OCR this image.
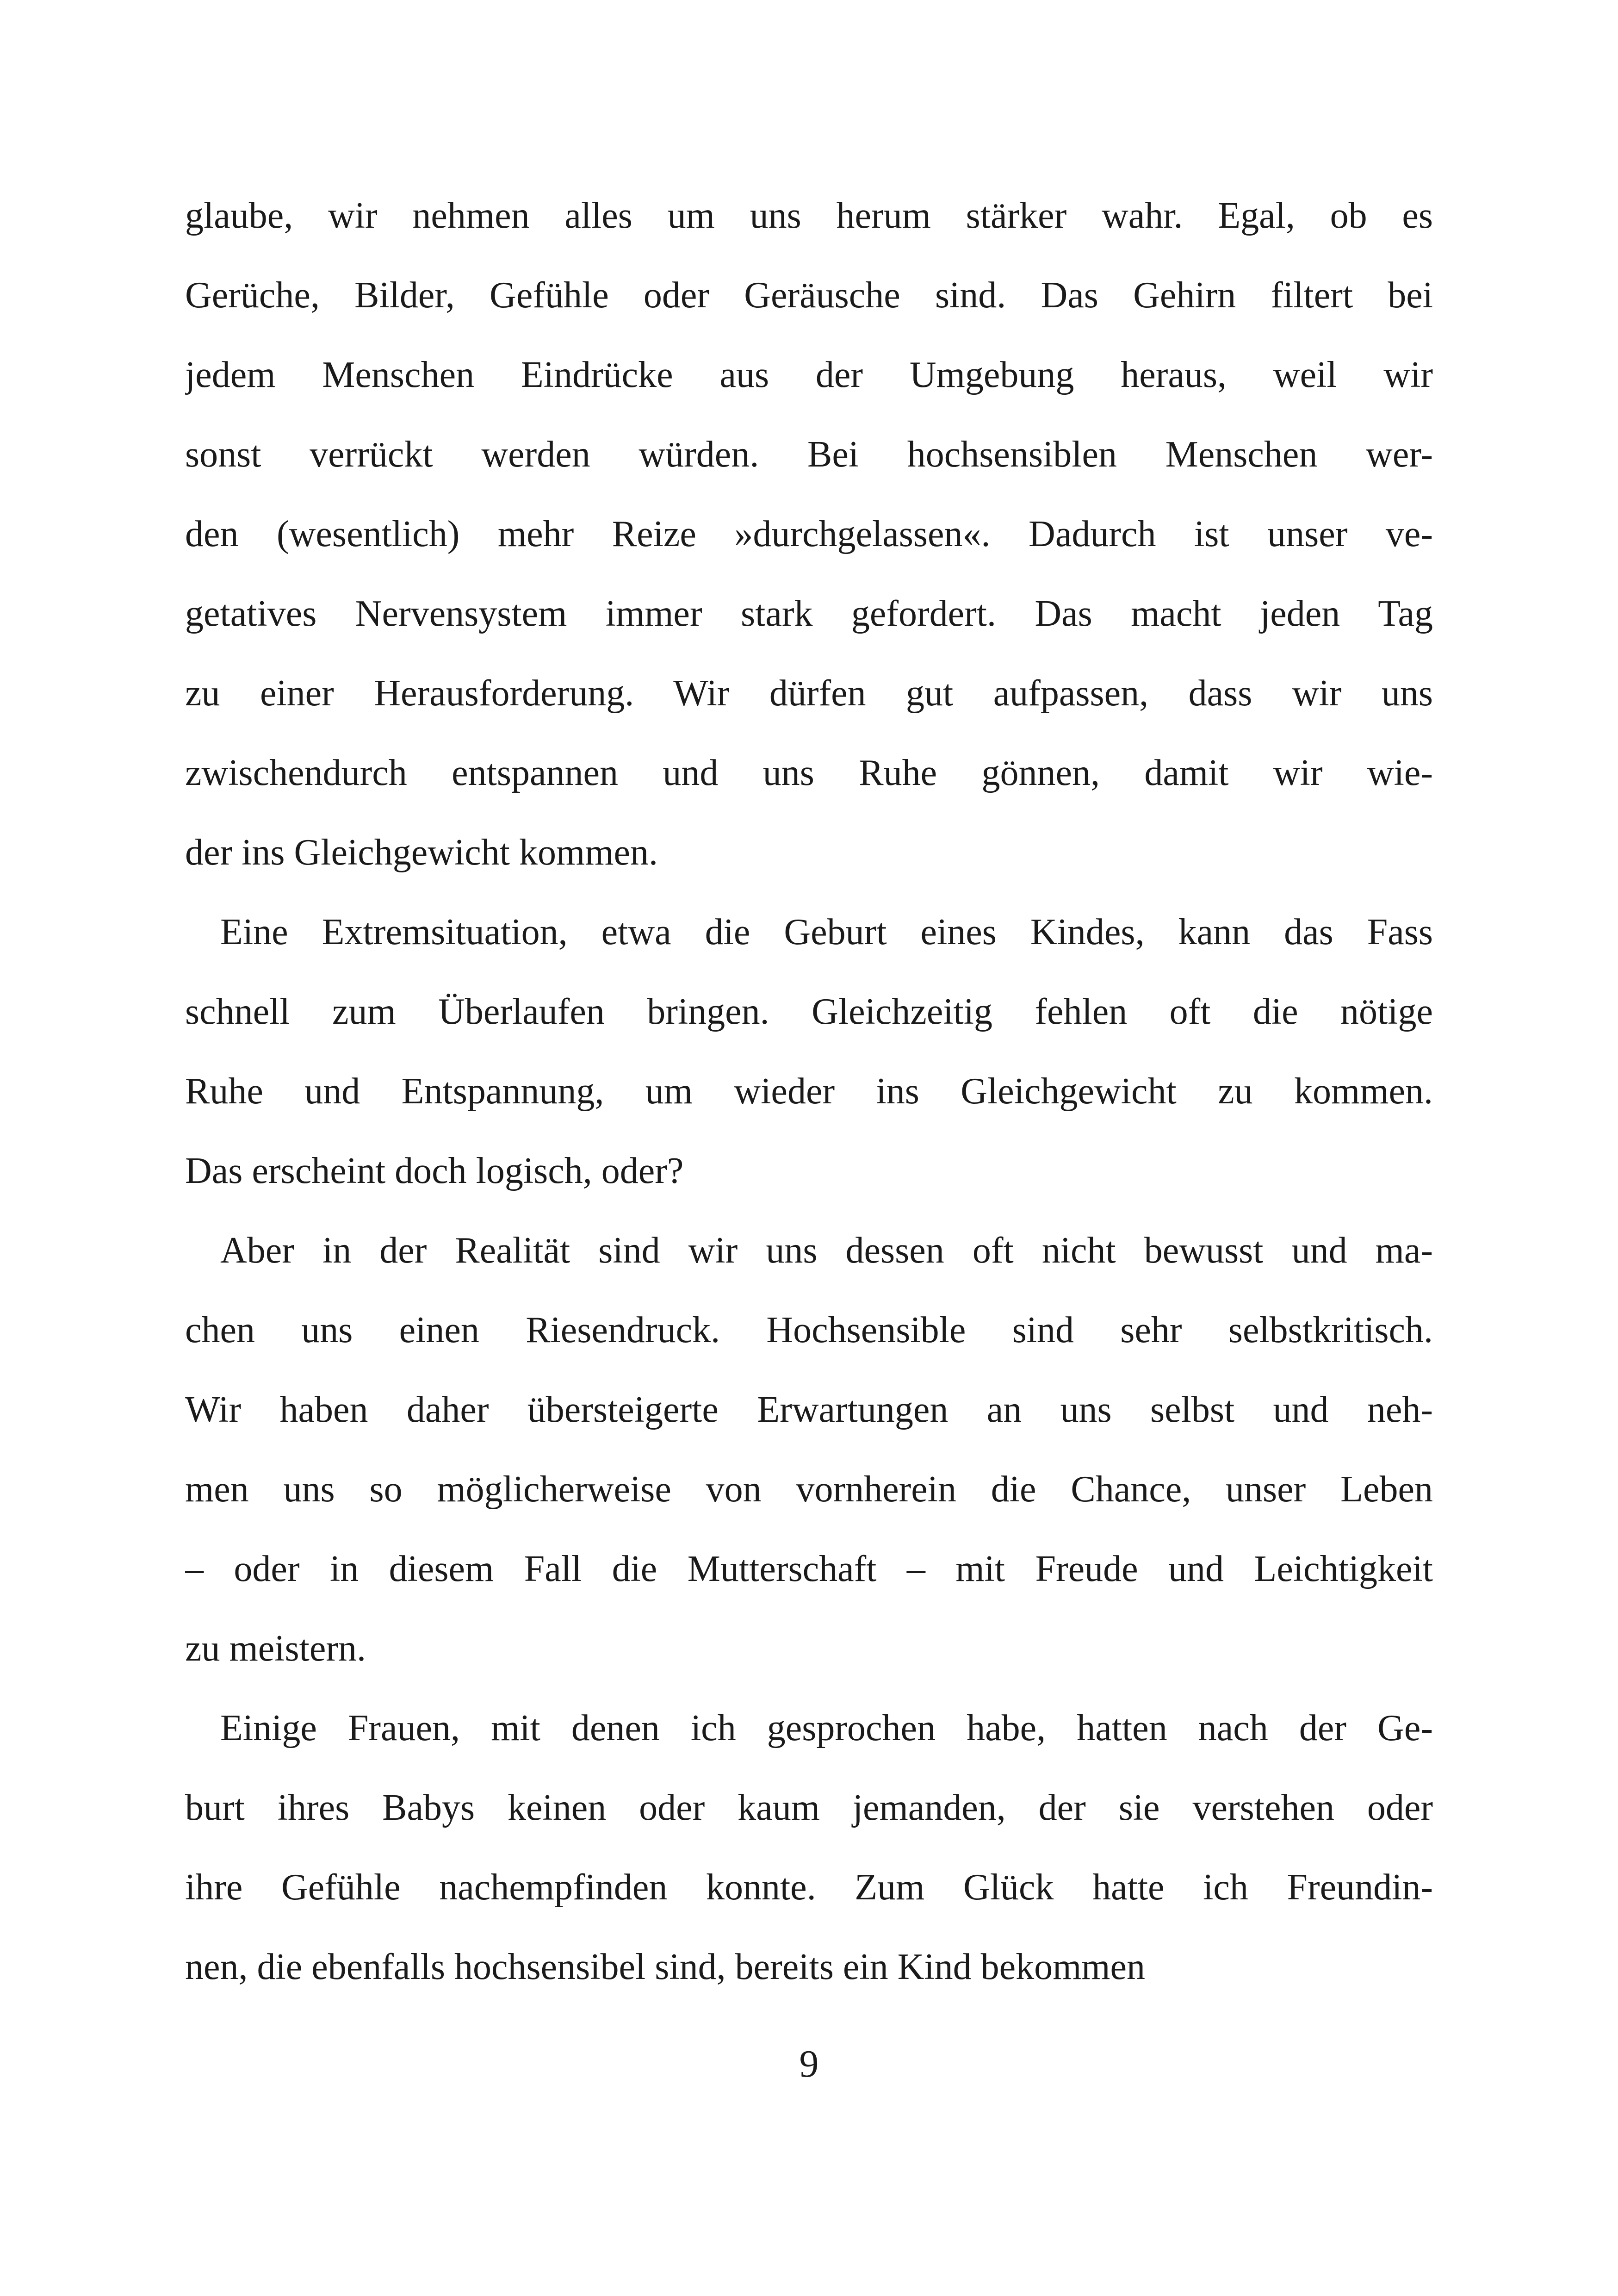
glaube, wir nehmen alles um uns herum stärker wahr. Egal, ob es
Gerüche, Bilder, Gefühle oder Geräusche sind. Das Gehirn filtert bei
jedem Menschen Eindrücke aus der Umgebung heraus, weil wir
sonst verrückt werden würden. Bei hochsensiblen Menschen wer-
den (wesentlich) mehr Reize »durchgelassen«. Dadurch ist unser ve-
getatives Nervensystem immer stark gefordert. Das macht jeden Tag
zu einer Herausforderung. Wir dürfen gut aufpassen, dass wir uns
zwischendurch entspannen und uns Ruhe gönnen, damit wir wie-
der ins Gleichgewicht kommen.
Eine Extremsituation, etwa die Geburt eines Kindes, kann das Fass
schnell zum Überlaufen bringen. Gleichzeitig fehlen oft die nötige
Ruhe und Entspannung, um wieder ins Gleichgewicht zu kommen.
Das erscheint doch logisch, oder?
Aber in der Realität sind wir uns dessen oft nicht bewusst und ma-
chen uns einen Riesendruck. Hochsensible sind sehr selbstkritisch.
Wir haben daher übersteigerte Erwartungen an uns selbst und neh-
men uns so möglicherweise von vornherein die Chance, unser Leben
– oder in diesem Fall die Mutterschaft – mit Freude und Leichtigkeit
zu meistern.
Einige Frauen, mit denen ich gesprochen habe, hatten nach der Ge-
burt ihres Babys keinen oder kaum jemanden, der sie verstehen oder
ihre Gefühle nachempfinden konnte. Zum Glück hatte ich Freundin-
nen, die ebenfalls hochsensibel sind, bereits ein Kind bekommen
9
